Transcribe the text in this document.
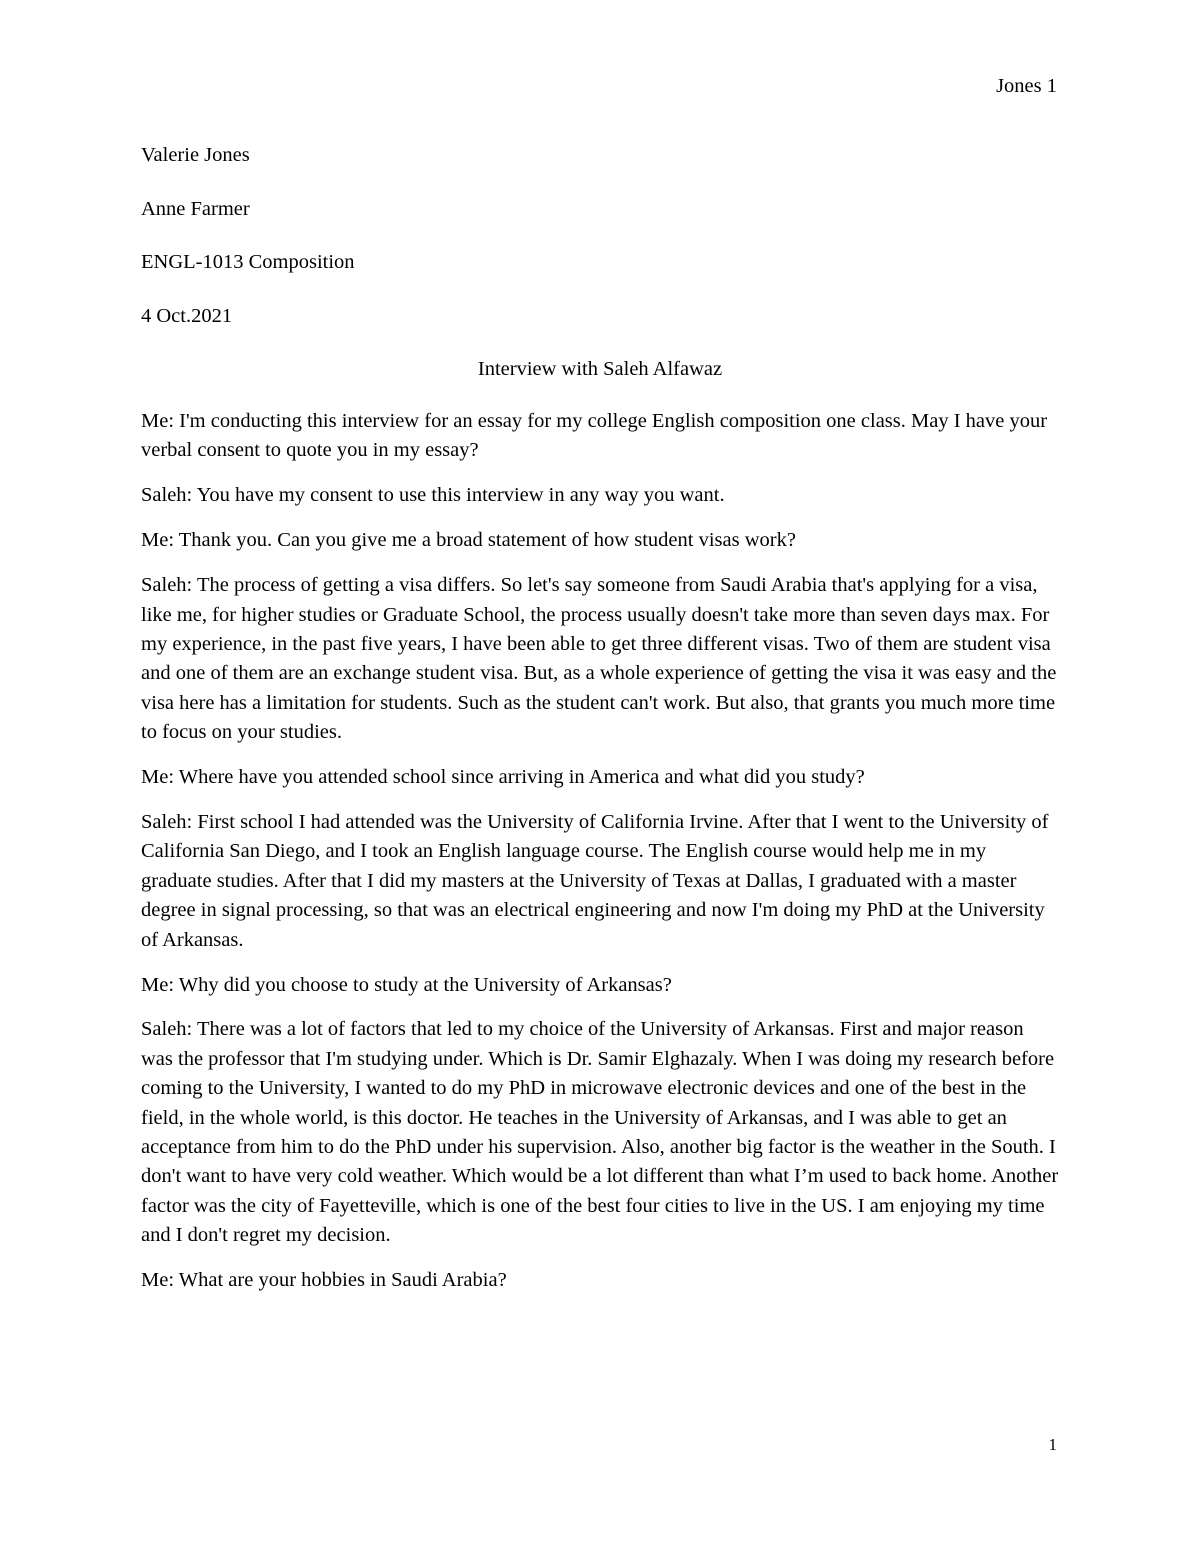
Jones 1

Valerie Jones

Anne Farmer

ENGL-1013 Composition

4 Oct.2021

Interview with Saleh Alfawaz

Me: I'm conducting this interview for an essay for my college English composition one class. May I have your verbal consent to quote you in my essay?

Saleh: You have my consent to use this interview in any way you want.

Me: Thank you. Can you give me a broad statement of how student visas work?

Saleh: The process of getting a visa differs. So let's say someone from Saudi Arabia that's applying for a visa, like me, for higher studies or Graduate School, the process usually doesn't take more than seven days max. For my experience, in the past five years, I have been able to get three different visas. Two of them are student visa and one of them are an exchange student visa. But, as a whole experience of getting the visa it was easy and the visa here has a limitation for students. Such as the student can't work. But also, that grants you much more time to focus on your studies.

Me: Where have you attended school since arriving in America and what did you study?

Saleh: First school I had attended was the University of California Irvine. After that I went to the University of California San Diego, and I took an English language course. The English course would help me in my graduate studies. After that I did my masters at the University of Texas at Dallas, I graduated with a master degree in signal processing, so that was an electrical engineering and now I'm doing my PhD at the University of Arkansas.

Me: Why did you choose to study at the University of Arkansas?

Saleh: There was a lot of factors that led to my choice of the University of Arkansas. First and major reason was the professor that I'm studying under. Which is Dr. Samir Elghazaly. When I was doing my research before coming to the University, I wanted to do my PhD in microwave electronic devices and one of the best in the field, in the whole world, is this doctor. He teaches in the University of Arkansas, and I was able to get an acceptance from him to do the PhD under his supervision. Also, another big factor is the weather in the South. I don't want to have very cold weather. Which would be a lot different than what I’m used to back home. Another factor was the city of Fayetteville, which is one of the best four cities to live in the US. I am enjoying my time and I don't regret my decision.

Me: What are your hobbies in Saudi Arabia?

1
